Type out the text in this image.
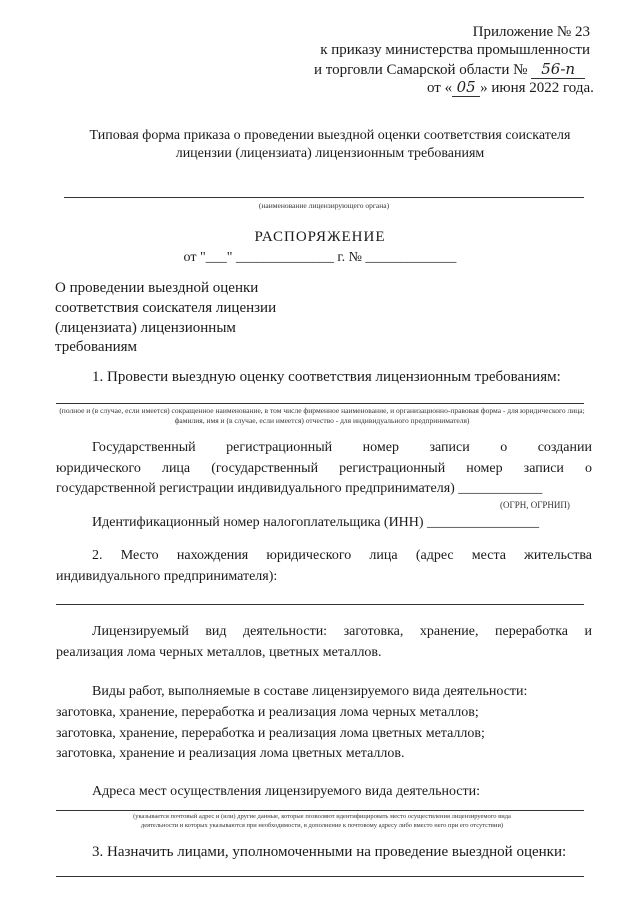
Приложение № 23
к приказу министерства промышленности
и торговли Самарской области № 56-п
от « 05 » июня 2022 года.
Типовая форма приказа о проведении выездной оценки соответствия соискателя
лицензии (лицензиата) лицензионным требованиям
(наименование лицензирующего органа)
РАСПОРЯЖЕНИЕ
от "___" ______________ г. № _____________
О проведении выездной оценки
соответствия соискателя лицензии
(лицензиата) лицензионным
требованиям
1. Провести выездную оценку соответствия лицензионным требованиям:
(полное и (в случае, если имеется) сокращенное наименование, в том числе фирменное наименование, и организационно-правовая форма - для юридического лица; фамилия, имя и (в случае, если имеется) отчество - для индивидуального предпринимателя)
Государственный регистрационный номер записи о создании
юридического лица (государственный регистрационный номер записи о
государственной регистрации индивидуального предпринимателя) ____________
(ОГРН, ОГРНИП)
Идентификационный номер налогоплательщика (ИНН) ________________
2. Место нахождения юридического лица (адрес места жительства
индивидуального предпринимателя):
Лицензируемый вид деятельности: заготовка, хранение, переработка и
реализация лома черных металлов, цветных металлов.
Виды работ, выполняемые в составе лицензируемого вида деятельности:
заготовка, хранение, переработка и реализация лома черных металлов;
заготовка, хранение, переработка и реализация лома цветных металлов;
заготовка, хранение и реализация лома цветных металлов.
Адреса мест осуществления лицензируемого вида деятельности:
(указывается почтовый адрес и (или) другие данные, которые позволяют идентифицировать место осуществления лицензируемого вида
деятельности и которых указываются при необходимости, в дополнение к почтовому адресу либо вместо него при его отсутствии)
3. Назначить лицами, уполномоченными на проведение выездной оценки:
